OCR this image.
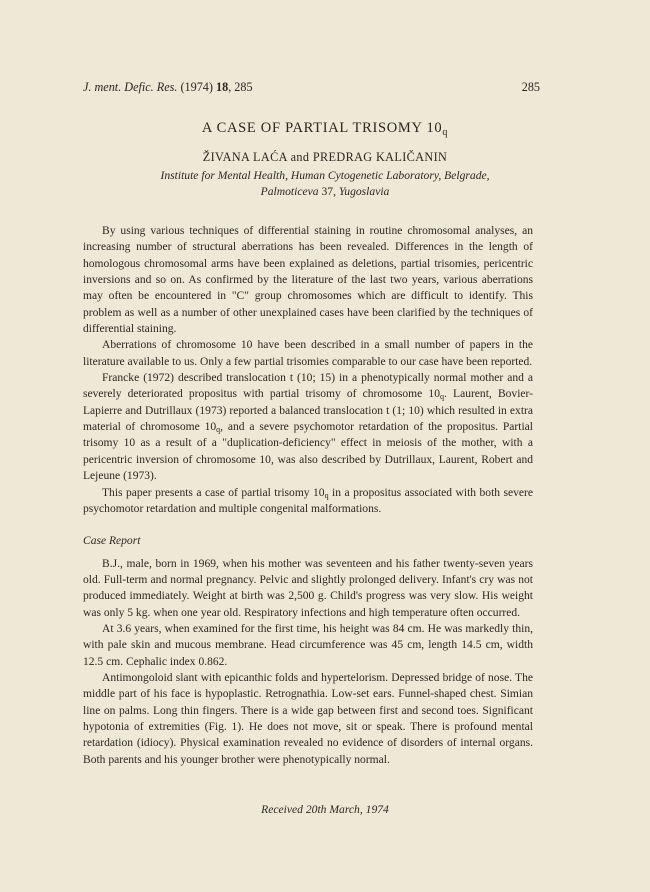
J. ment. Defic. Res. (1974) 18, 285	285
A CASE OF PARTIAL TRISOMY $10_q$
ŽIVANA LAĆA and PREDRAG KALIČANIN
Institute for Mental Health, Human Cytogenetic Laboratory, Belgrade,
Palmoticeva 37, Yugoslavia

By using various techniques of differential staining in routine chromosomal analyses, an increasing number of structural aberrations has been revealed. Differences in the length of homologous chromosomal arms have been explained as deletions, partial trisomies, pericentric inversions and so on. As confirmed by the literature of the last two years, various aberrations may often be encountered in "C" group chromosomes which are difficult to identify. This problem as well as a number of other unexplained cases have been clarified by the techniques of differential staining.

Aberrations of chromosome 10 have been described in a small number of papers in the literature available to us. Only a few partial trisomies comparable to our case have been reported.

Francke (1972) described translocation t (10; 15) in a phenotypically normal mother and a severely deteriorated propositus with partial trisomy of chromosome $10_q$. Laurent, Bovier-Lapierre and Dutrillaux (1973) reported a balanced translocation t (1; 10) which resulted in extra material of chromosome $10_q$, and a severe psychomotor retardation of the propositus. Partial trisomy 10 as a result of a "duplication-deficiency" effect in meiosis of the mother, with a pericentric inversion of chromosome 10, was also described by Dutrillaux, Laurent, Robert and Lejeune (1973).

This paper presents a case of partial trisomy $10_q$ in a propositus associated with both severe psychomotor retardation and multiple congenital malformations.

Case Report

B.J., male, born in 1969, when his mother was seventeen and his father twenty-seven years old. Full-term and normal pregnancy. Pelvic and slightly prolonged delivery. Infant's cry was not produced immediately. Weight at birth was 2,500 g. Child's progress was very slow. His weight was only 5 kg. when one year old. Respiratory infections and high temperature often occurred.

At 3.6 years, when examined for the first time, his height was 84 cm. He was markedly thin, with pale skin and mucous membrane. Head circumference was 45 cm, length 14.5 cm, width 12.5 cm. Cephalic index 0.862.

Antimongoloid slant with epicanthic folds and hypertelorism. Depressed bridge of nose. The middle part of his face is hypoplastic. Retrognathia. Low-set ears. Funnel-shaped chest. Simian line on palms. Long thin fingers. There is a wide gap between first and second toes. Significant hypotonia of extremities (Fig. 1). He does not move, sit or speak. There is profound mental retardation (idiocy). Physical examination revealed no evidence of disorders of internal organs. Both parents and his younger brother were phenotypically normal.

Received 20th March, 1974
